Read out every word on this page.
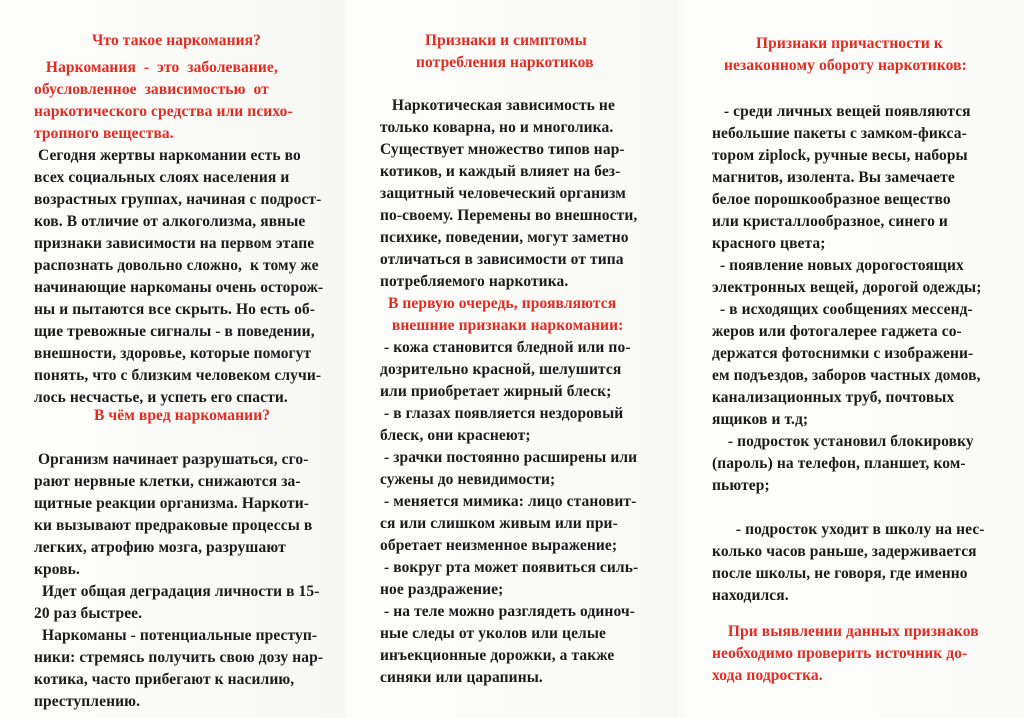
Что такое наркомания?
Наркомания  -  это  заболевание,
обусловленное  зависимостью  от
наркотического средства или психо-
тропного вещества.
Сегодня жертвы наркомании есть во
всех социальных слоях населения и
возрастных группах, начиная с подрост-
ков. В отличие от алкоголизма, явные
признаки зависимости на первом этапе
распознать довольно сложно,  к тому же
начинающие наркоманы очень осторож-
ны и пытаются все скрыть. Но есть об-
щие тревожные сигналы - в поведении,
внешности, здоровье, которые помогут
понять, что с близким человеком случи-
лось несчастье, и успеть его спасти.
В чём вред наркомании?
Организм начинает разрушаться, сго-
рают нервные клетки, снижаются за-
щитные реакции организма. Наркоти-
ки вызывают предраковые процессы в
легких, атрофию мозга, разрушают
кровь.
Идет общая деградация личности в 15-
20 раз быстрее.
Наркоманы - потенциальные преступ-
ники: стремясь получить свою дозу нар-
котика, часто прибегают к насилию,
преступлению.
Признаки и симптомы
потребления наркотиков
Наркотическая зависимость не
только коварна, но и многолика.
Существует множество типов нар-
котиков, и каждый влияет на без-
защитный человеческий организм
по-своему. Перемены во внешности,
психике, поведении, могут заметно
отличаться в зависимости от типа
потребляемого наркотика.
В первую очередь, проявляются
внешние признаки наркомании:
- кожа становится бледной или по-
дозрительно красной, шелушится
или приобретает жирный блеск;
- в глазах появляется нездоровый
блеск, они краснеют;
- зрачки постоянно расширены или
сужены до невидимости;
- меняется мимика: лицо становит-
ся или слишком живым или при-
обретает неизменное выражение;
- вокруг рта может появиться силь-
ное раздражение;
- на теле можно разглядеть одиноч-
ные следы от уколов или целые
инъекционные дорожки, а также
синяки или царапины.
Признаки причастности к
незаконному обороту наркотиков:
- среди личных вещей появляются
небольшие пакеты с замком-фикса-
тором ziplock, ручные весы, наборы
магнитов, изолента. Вы замечаете
белое порошкообразное вещество
или кристаллообразное, синего и
красного цвета;
- появление новых дорогостоящих
электронных вещей, дорогой одежды;
- в исходящих сообщениях мессенд-
жеров или фотогалерее гаджета со-
держатся фотоснимки с изображени-
ем подъездов, заборов частных домов,
канализационных труб, почтовых
ящиков и т.д;
- подросток установил блокировку
(пароль) на телефон, планшет, ком-
пьютер;
- подросток уходит в школу на нес-
колько часов раньше, задерживается
после школы, не говоря, где именно
находился.
При выявлении данных признаков
необходимо проверить источник до-
хода подростка.
